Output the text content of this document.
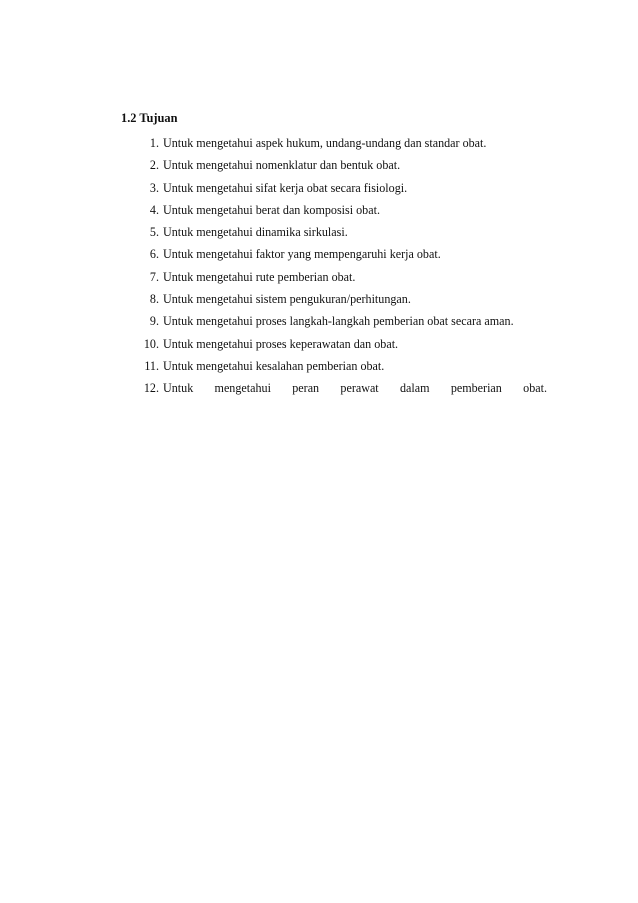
1.2 Tujuan

1. Untuk mengetahui aspek hukum, undang-undang dan standar obat.
2. Untuk mengetahui nomenklatur dan bentuk obat.
3. Untuk mengetahui sifat kerja obat secara fisiologi.
4. Untuk mengetahui berat dan komposisi obat.
5. Untuk mengetahui dinamika sirkulasi.
6. Untuk mengetahui faktor yang mempengaruhi kerja obat.
7. Untuk mengetahui rute pemberian obat.
8. Untuk mengetahui sistem pengukuran/perhitungan.
9. Untuk mengetahui proses langkah-langkah pemberian obat secara aman.
10. Untuk mengetahui proses keperawatan dan obat.
11. Untuk mengetahui kesalahan pemberian obat.
12. Untuk mengetahui peran perawat dalam pemberian obat.
